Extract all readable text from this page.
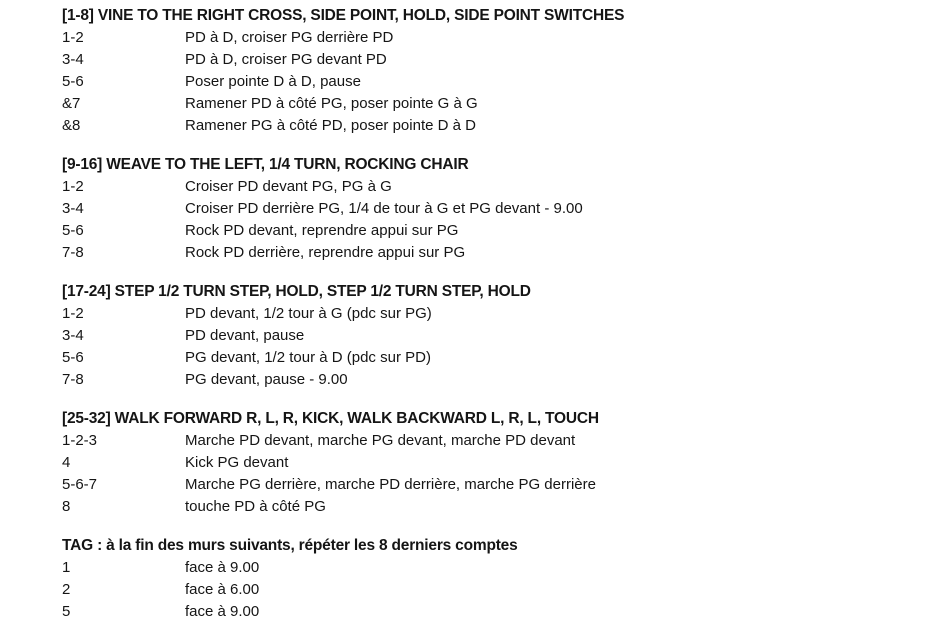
[1-8] VINE TO THE RIGHT CROSS, SIDE POINT, HOLD, SIDE POINT SWITCHES
1-2	PD à D, croiser PG derrière PD
3-4	PD à D, croiser PG devant PD
5-6	Poser pointe D à D, pause
&7	Ramener PD à côté PG, poser pointe G à G
&8	Ramener PG à côté PD, poser pointe D à D
[9-16] WEAVE TO THE LEFT, 1/4 TURN, ROCKING CHAIR
1-2	Croiser PD devant PG, PG à G
3-4	Croiser PD derrière PG, 1/4 de tour à G et PG devant - 9.00
5-6	Rock PD devant, reprendre appui sur PG
7-8	Rock PD derrière, reprendre appui sur PG
[17-24] STEP 1/2 TURN STEP, HOLD, STEP 1/2 TURN STEP, HOLD
1-2	PD devant, 1/2 tour à G (pdc sur PG)
3-4	PD devant, pause
5-6	PG devant, 1/2 tour à D (pdc sur PD)
7-8	PG devant, pause - 9.00
[25-32] WALK FORWARD R, L, R, KICK, WALK BACKWARD L, R, L, TOUCH
1-2-3	Marche PD devant, marche PG devant, marche PD devant
4	Kick PG devant
5-6-7	Marche PG derrière, marche PD derrière, marche PG derrière
8	touche PD à côté PG
TAG : à la fin des murs suivants, répéter les 8 derniers comptes
1	face à 9.00
2	face à 6.00
5	face à 9.00
